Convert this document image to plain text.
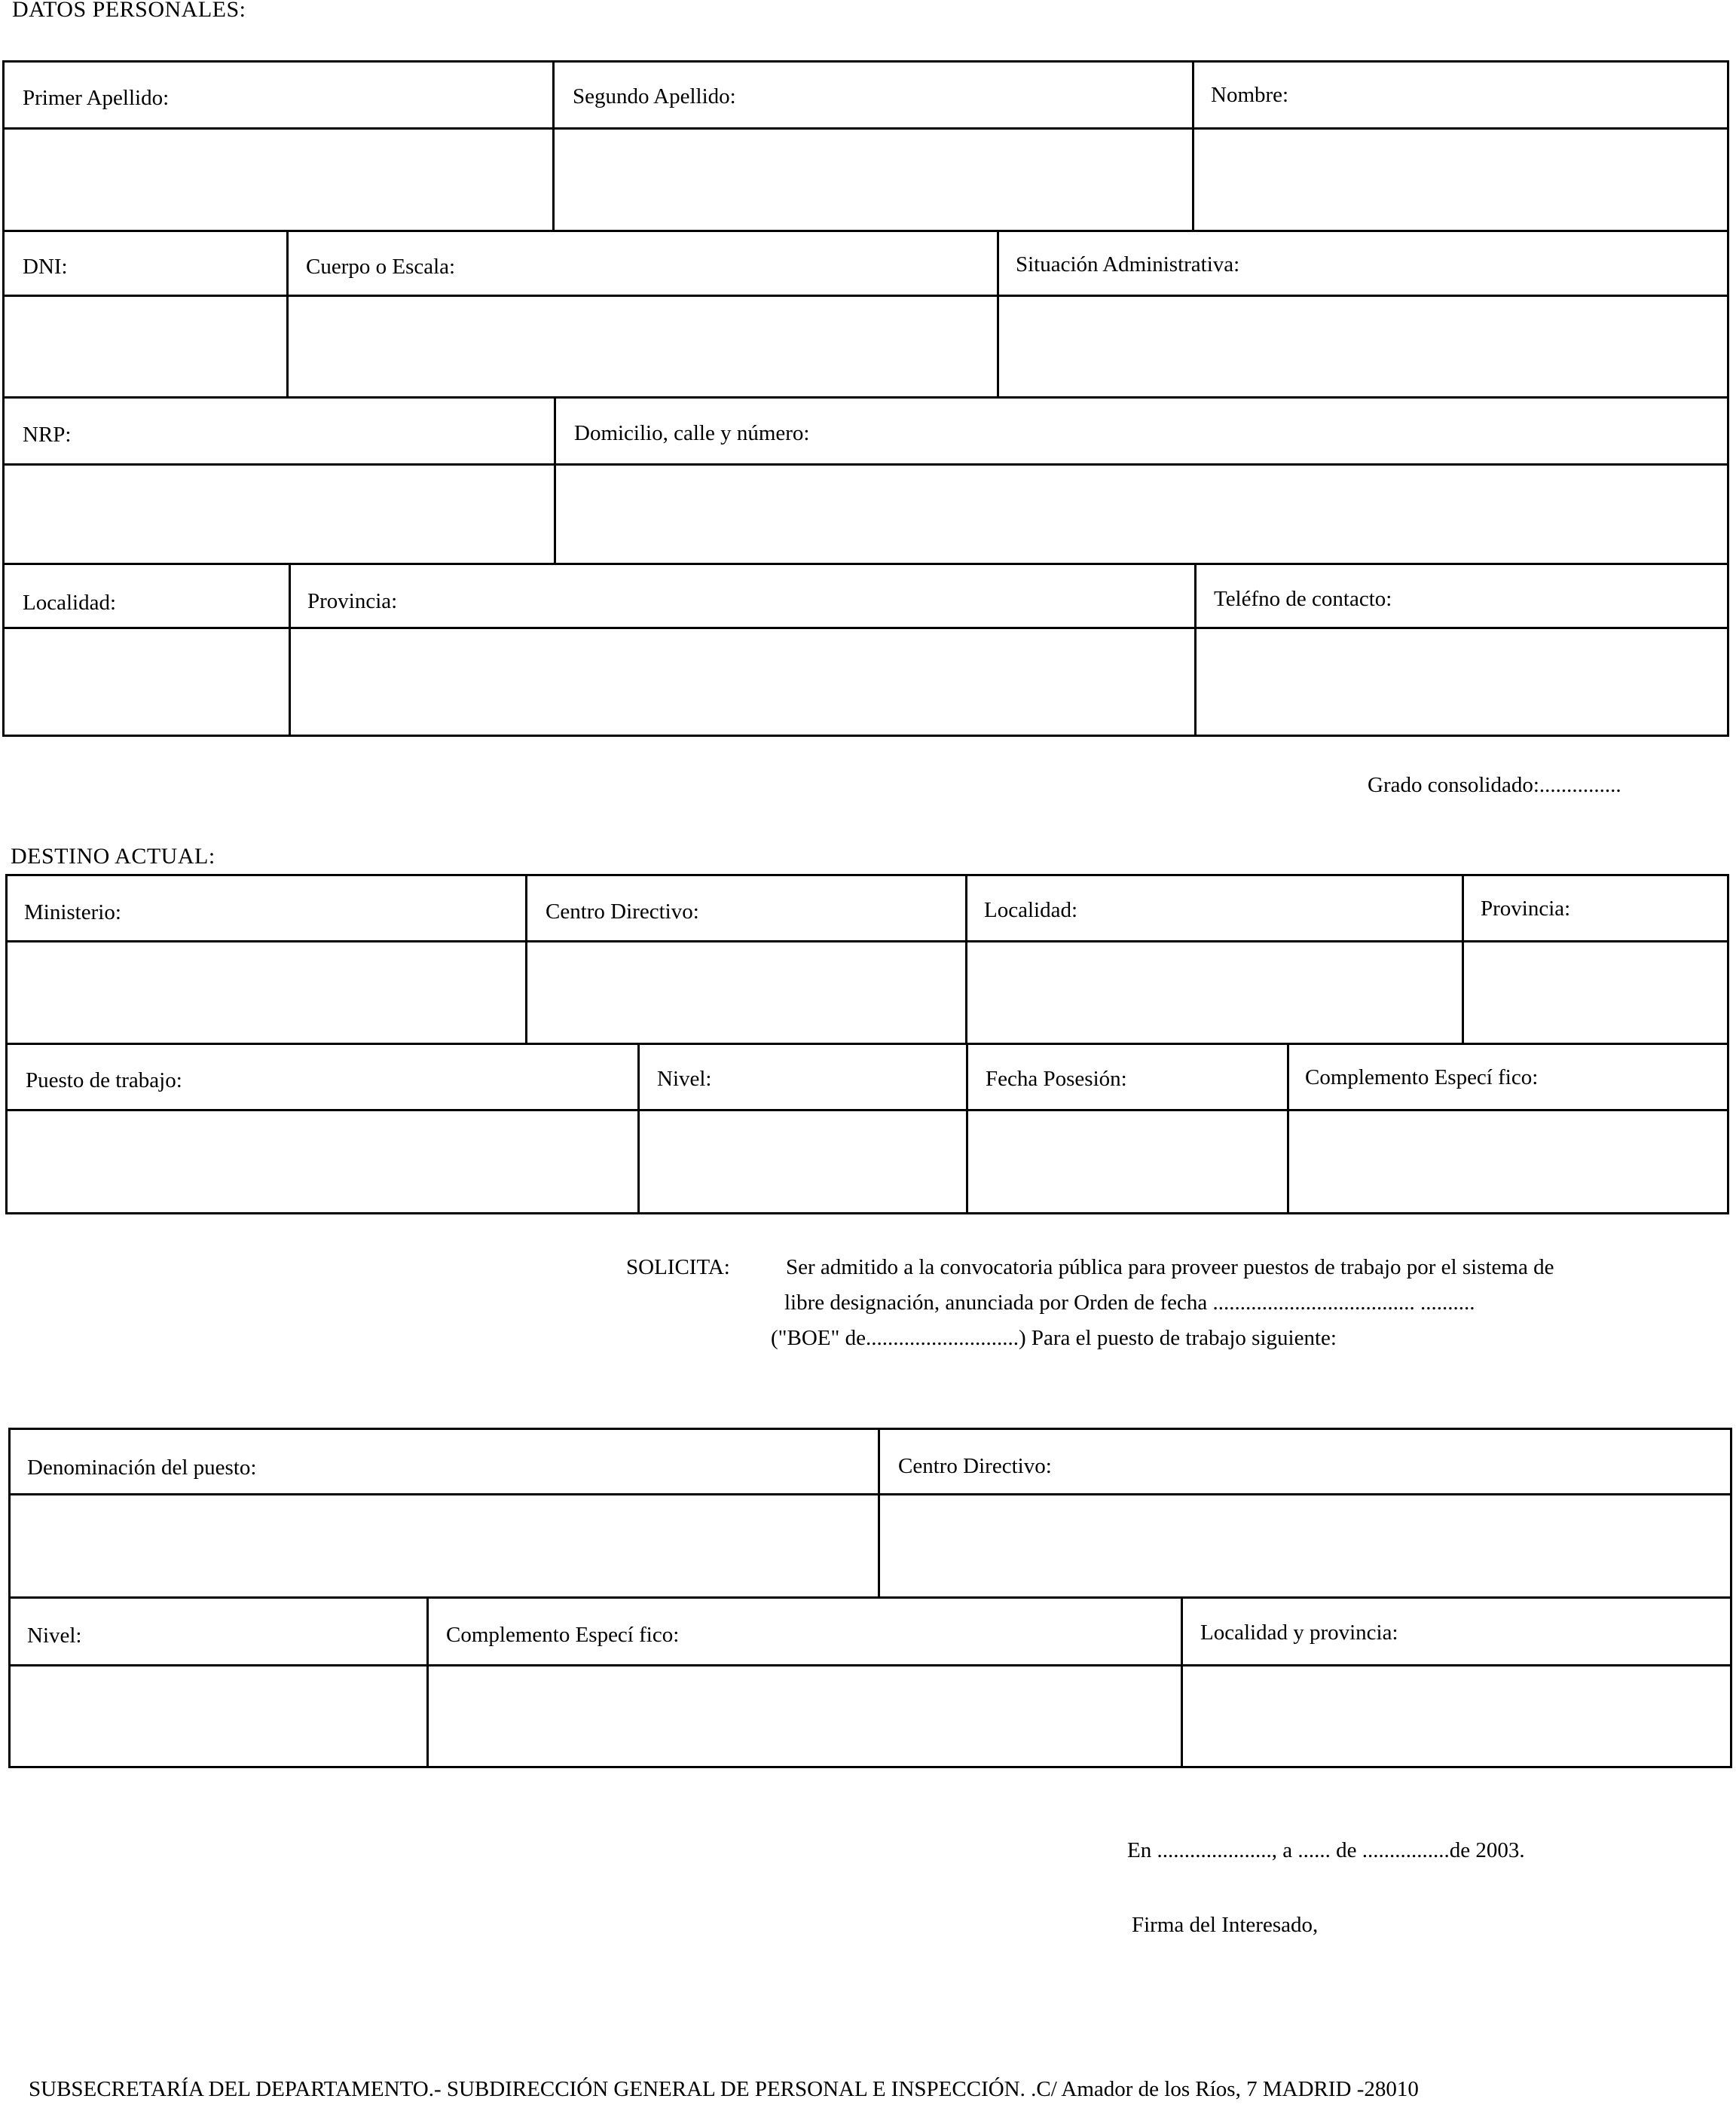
DATOS PERSONALES:
Primer Apellido:	Segundo Apellido:	Nombre:
DNI:	Cuerpo o Escala:	Situación Administrativa:
NRP:	Domicilio, calle y número:
Localidad:	Provincia:	Teléfno de contacto:
Grado consolidado:...............
DESTINO ACTUAL:
Ministerio:	Centro Directivo:	Localidad:	Provincia:
Puesto de trabajo:	Nivel:	Fecha Posesión:	Complemento Especí fico:
SOLICITA:	Ser admitido a la convocatoria pública para proveer puestos de trabajo por el sistema de
libre designación, anunciada por Orden de fecha ..................................... ..........
("BOE" de............................) Para el puesto de trabajo siguiente:
Denominación del puesto:	Centro Directivo:
Nivel:	Complemento Especí fico:	Localidad y provincia:
En ....................., a ...... de ................de 2003.
Firma del Interesado,
SUBSECRETARÍA DEL DEPARTAMENTO.- SUBDIRECCIÓN GENERAL DE PERSONAL E INSPECCIÓN. .C/ Amador de los Ríos, 7 MADRID -28010
